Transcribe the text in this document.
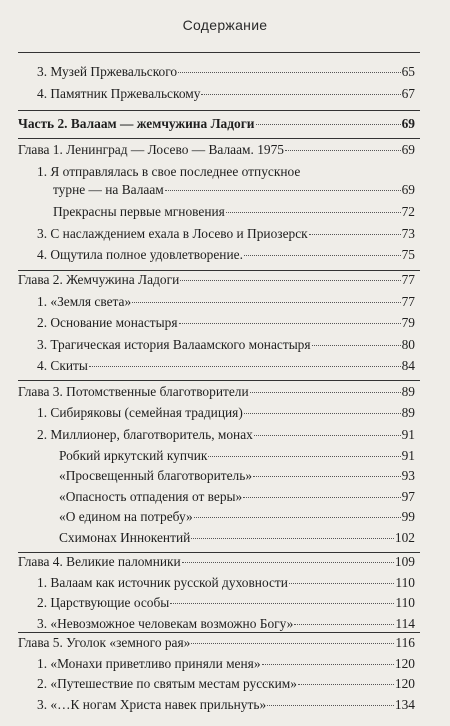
Содержание
3. Музей Пржевальского	65
4. Памятник Пржевальскому	67
Часть 2. Валаам — жемчужина Ладоги	69
Глава 1. Ленинград — Лосево — Валаам. 1975	69
1. Я отправлялась в свое последнее отпускное
турне — на Валаам	69
Прекрасны первые мгновения	72
3. С наслаждением ехала в Лосево и Приозерск	73
4. Ощутила полное удовлетворение.	75
Глава 2. Жемчужина Ладоги	77
1. «Земля света»	77
2. Основание монастыря	79
3. Трагическая история Валаамского монастыря	80
4. Скиты	84
Глава 3. Потомственные благотворители	89
1. Сибиряковы (семейная традиция)	89
2. Миллионер, благотворитель, монах	91
Робкий иркутский купчик	91
«Просвещенный благотворитель»	93
«Опасность отпадения от веры»	97
«О едином на потребу»	99
Схимонах Иннокентий	102
Глава 4. Великие паломники	109
1. Валаам как источник русской духовности	110
2. Царствующие особы	110
3. «Невозможное человекам возможно Богу»	114
Глава 5. Уголок «земного рая»	116
1. «Монахи приветливо приняли меня»	120
2. «Путешествие по святым местам русским»	120
3. «…К ногам Христа навек прильнуть»	134
